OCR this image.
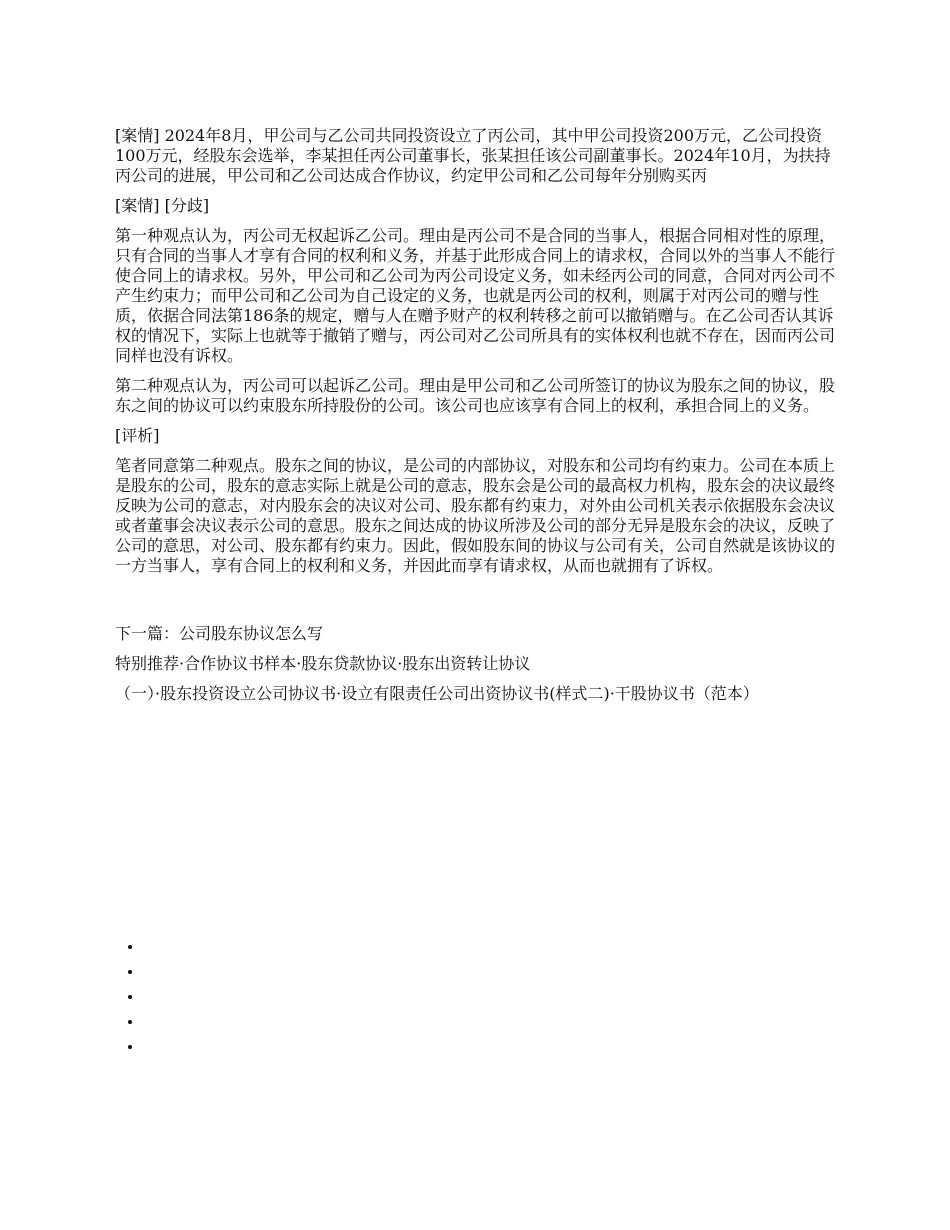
[案情] 2024年8月，甲公司与乙公司共同投资设立了丙公司，其中甲公司投资200万元，乙公司投资100万元，经股东会选举，李某担任丙公司董事长，张某担任该公司副董事长。2024年10月，为扶持丙公司的进展，甲公司和乙公司达成合作协议，约定甲公司和乙公司每年分别购买丙

[案情] [分歧]

第一种观点认为，丙公司无权起诉乙公司。理由是丙公司不是合同的当事人，根据合同相对性的原理，只有合同的当事人才享有合同的权利和义务，并基于此形成合同上的请求权，合同以外的当事人不能行使合同上的请求权。另外，甲公司和乙公司为丙公司设定义务，如未经丙公司的同意，合同对丙公司不产生约束力；而甲公司和乙公司为自己设定的义务，也就是丙公司的权利，则属于对丙公司的赠与性质，依据合同法第186条的规定，赠与人在赠予财产的权利转移之前可以撤销赠与。在乙公司否认其诉权的情况下，实际上也就等于撤销了赠与，丙公司对乙公司所具有的实体权利也就不存在，因而丙公司同样也没有诉权。

第二种观点认为，丙公司可以起诉乙公司。理由是甲公司和乙公司所签订的协议为股东之间的协议，股东之间的协议可以约束股东所持股份的公司。该公司也应该享有合同上的权利，承担合同上的义务。

[评析]

笔者同意第二种观点。股东之间的协议，是公司的内部协议，对股东和公司均有约束力。公司在本质上是股东的公司，股东的意志实际上就是公司的意志，股东会是公司的最高权力机构，股东会的决议最终反映为公司的意志，对内股东会的决议对公司、股东都有约束力，对外由公司机关表示依据股东会决议或者董事会决议表示公司的意思。股东之间达成的协议所涉及公司的部分无异是股东会的决议，反映了公司的意思，对公司、股东都有约束力。因此，假如股东间的协议与公司有关，公司自然就是该协议的一方当事人，享有合同上的权利和义务，并因此而享有请求权，从而也就拥有了诉权。

下一篇：公司股东协议怎么写

特别推荐·合作协议书样本·股东贷款协议·股东出资转让协议

（一）·股东投资设立公司协议书·设立有限责任公司出资协议书(样式二)·干股协议书（范本）
